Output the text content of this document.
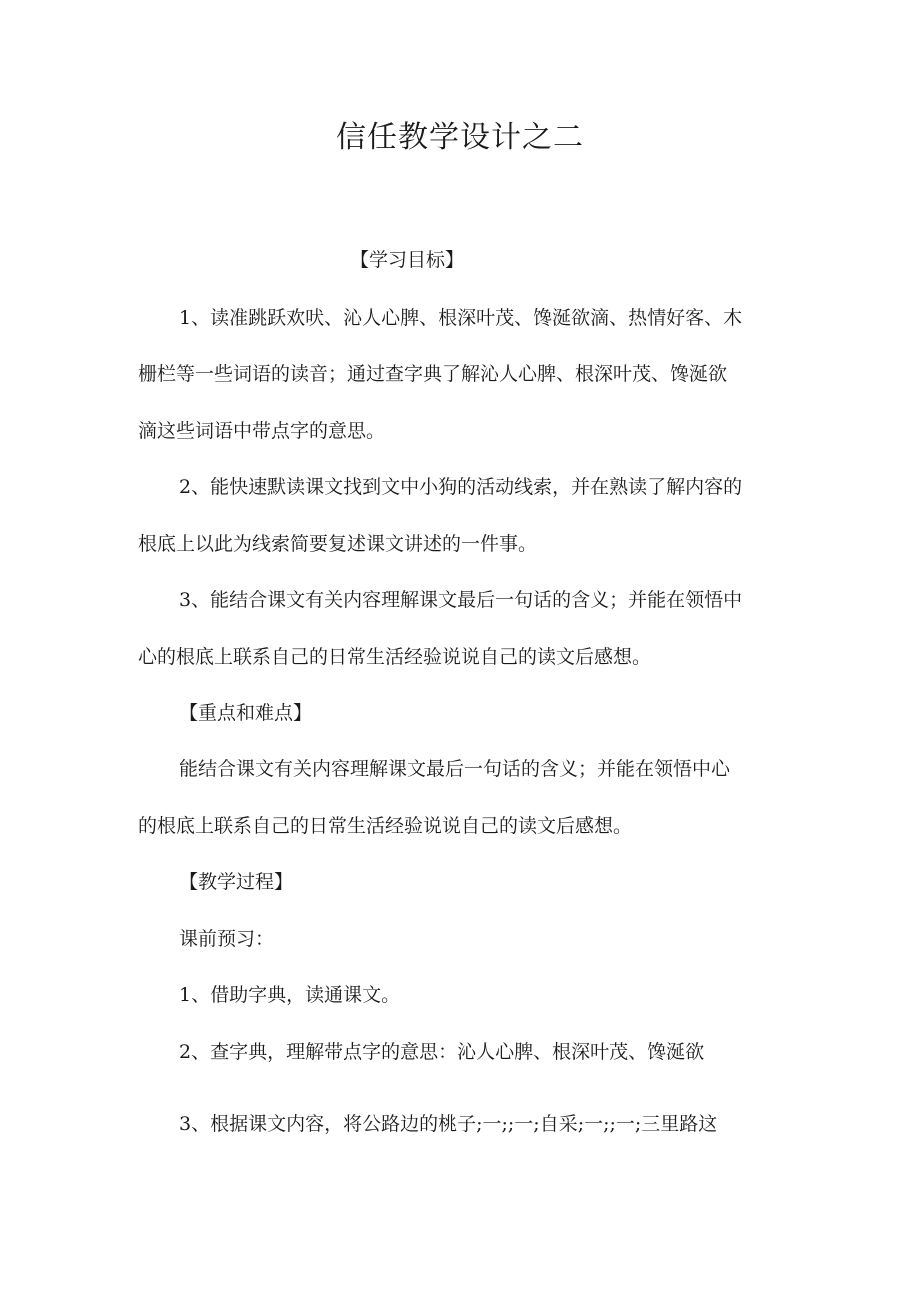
信任教学设计之二

【学习目标】

1、读准跳跃欢吠、沁人心脾、根深叶茂、馋涎欲滴、热情好客、木

栅栏等一些词语的读音；通过查字典了解沁人心脾、根深叶茂、馋涎欲

滴这些词语中带点字的意思。

2、能快速默读课文找到文中小狗的活动线索，并在熟读了解内容的

根底上以此为线索简要复述课文讲述的一件事。

3、能结合课文有关内容理解课文最后一句话的含义；并能在领悟中

心的根底上联系自己的日常生活经验说说自己的读文后感想。

【重点和难点】

能结合课文有关内容理解课文最后一句话的含义；并能在领悟中心

的根底上联系自己的日常生活经验说说自己的读文后感想。

【教学过程】

课前预习：

1、借助字典，读通课文。

2、查字典，理解带点字的意思：沁人心脾、根深叶茂、馋涎欲

3、根据课文内容，将公路边的桃子;一;;一;自采;一;;一;三里路这
